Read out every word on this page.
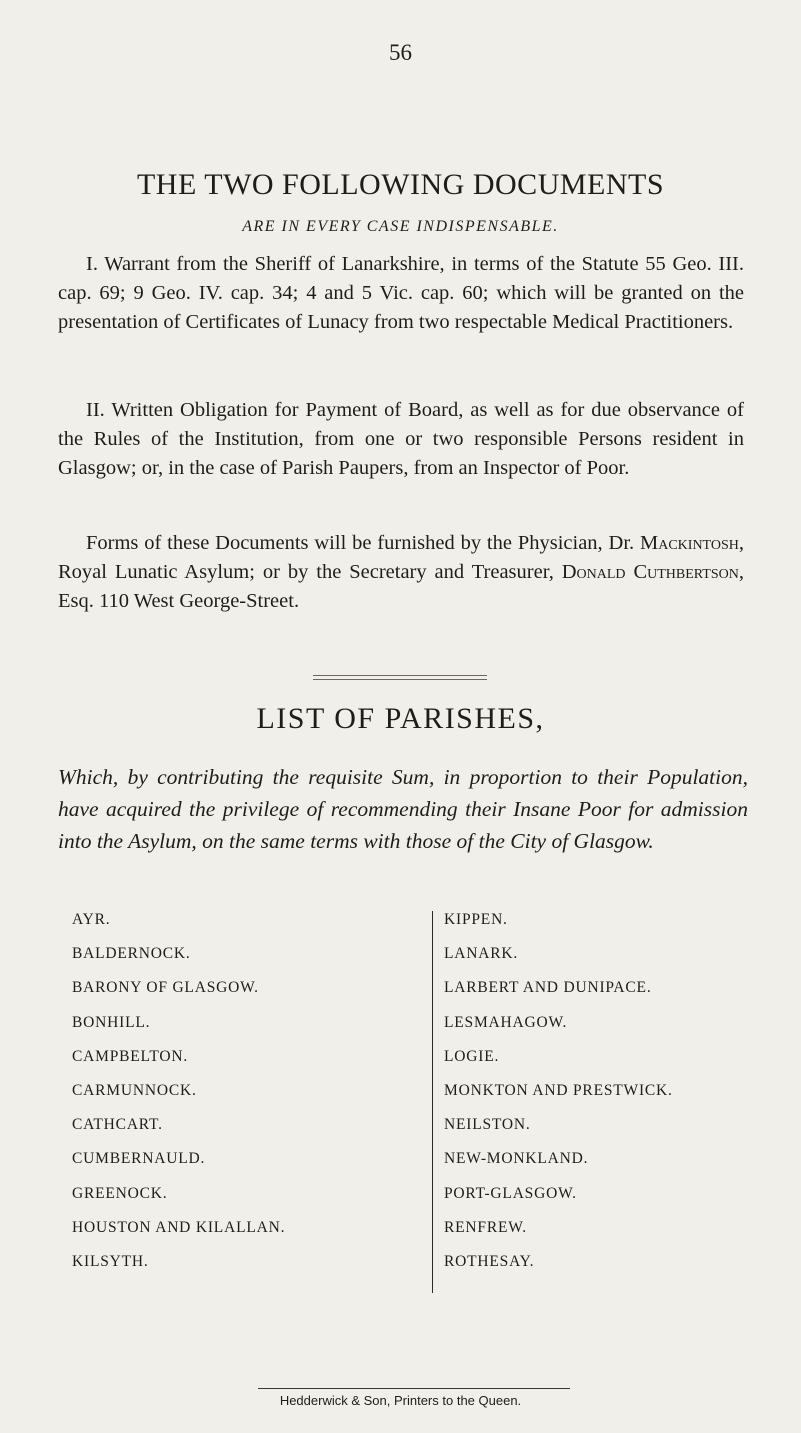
56
THE TWO FOLLOWING DOCUMENTS
ARE IN EVERY CASE INDISPENSABLE.

I. Warrant from the Sheriff of Lanarkshire, in terms of the Statute 55 Geo. III. cap. 69; 9 Geo. IV. cap. 34; 4 and 5 Vic. cap. 60; which will be granted on the presentation of Certificates of Lunacy from two respectable Medical Practitioners.

II. Written Obligation for Payment of Board, as well as for due observance of the Rules of the Institution, from one or two responsible Persons resident in Glasgow; or, in the case of Parish Paupers, from an Inspector of Poor.

Forms of these Documents will be furnished by the Physician, Dr. Mackintosh, Royal Lunatic Asylum; or by the Secretary and Treasurer, Donald Cuthbertson, Esq. 110 West George-Street.

LIST OF PARISHES,

Which, by contributing the requisite Sum, in proportion to their Population, have acquired the privilege of recommending their Insane Poor for admission into the Asylum, on the same terms with those of the City of Glasgow.

AYR.
BALDERNOCK.
BARONY OF GLASGOW.
BONHILL.
CAMPBELTON.
CARMUNNOCK.
CATHCART.
CUMBERNAULD.
GREENOCK.
HOUSTON AND KILALLAN.
KILSYTH.
KIPPEN.
LANARK.
LARBERT AND DUNIPACE.
LESMAHAGOW.
LOGIE.
MONKTON AND PRESTWICK.
NEILSTON.
NEW-MONKLAND.
PORT-GLASGOW.
RENFREW.
ROTHESAY.
Hedderwick & Son, Printers to the Queen.
